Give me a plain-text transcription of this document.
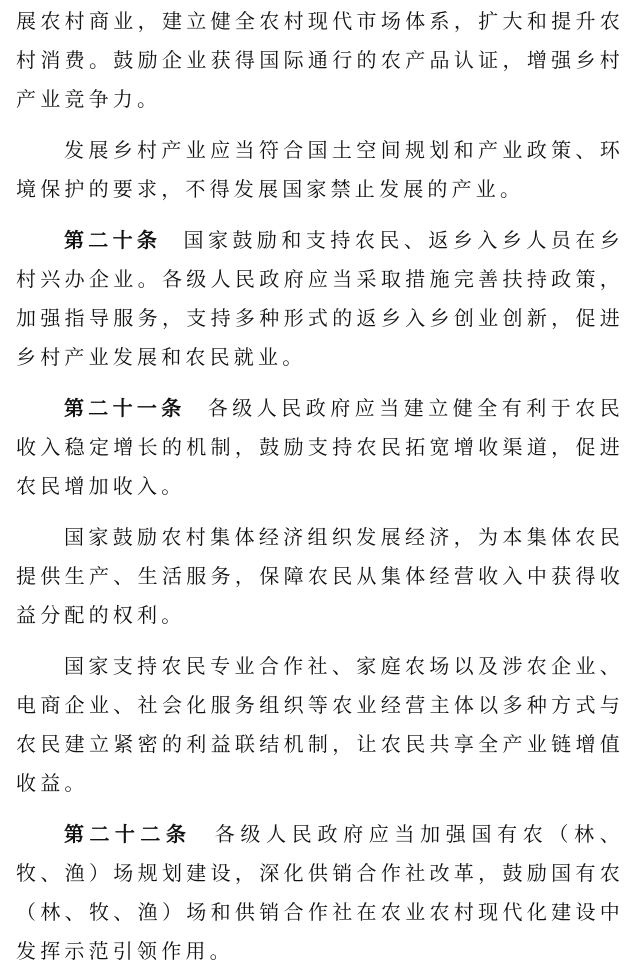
展农村商业，建立健全农村现代市场体系，扩大和提升农村消费。鼓励企业获得国际通行的农产品认证，增强乡村产业竞争力。

发展乡村产业应当符合国土空间规划和产业政策、环境保护的要求，不得发展国家禁止发展的产业。

第二十条 国家鼓励和支持农民、返乡入乡人员在乡村兴办企业。各级人民政府应当采取措施完善扶持政策，加强指导服务，支持多种形式的返乡入乡创业创新，促进乡村产业发展和农民就业。

第二十一条 各级人民政府应当建立健全有利于农民收入稳定增长的机制，鼓励支持农民拓宽增收渠道，促进农民增加收入。

国家鼓励农村集体经济组织发展经济，为本集体农民提供生产、生活服务，保障农民从集体经营收入中获得收益分配的权利。

国家支持农民专业合作社、家庭农场以及涉农企业、电商企业、社会化服务组织等农业经营主体以多种方式与农民建立紧密的利益联结机制，让农民共享全产业链增值收益。

第二十二条 各级人民政府应当加强国有农（林、牧、渔）场规划建设，深化供销合作社改革，鼓励国有农（林、牧、渔）场和供销合作社在农业农村现代化建设中发挥示范引领作用。
